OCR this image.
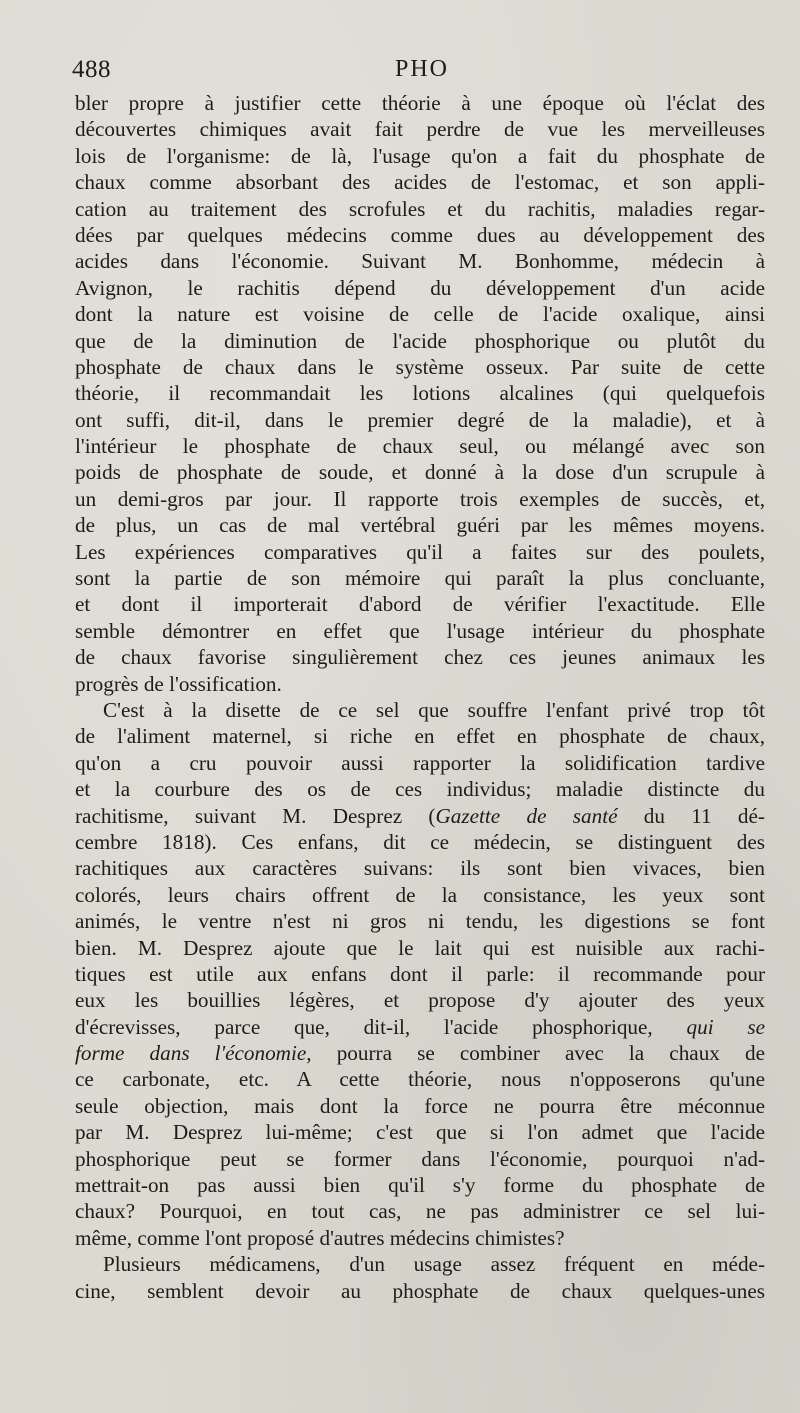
488	PHO
bler propre à justifier cette théorie à une époque où l'éclat des
découvertes chimiques avait fait perdre de vue les merveilleuses
lois de l'organisme: de là, l'usage qu'on a fait du phosphate de
chaux comme absorbant des acides de l'estomac, et son appli-
cation au traitement des scrofules et du rachitis, maladies regar-
dées par quelques médecins comme dues au développement des
acides dans l'économie. Suivant M. Bonhomme, médecin à
Avignon, le rachitis dépend du développement d'un acide
dont la nature est voisine de celle de l'acide oxalique, ainsi
que de la diminution de l'acide phosphorique ou plutôt du
phosphate de chaux dans le système osseux. Par suite de cette
théorie, il recommandait les lotions alcalines (qui quelquefois
ont suffi, dit-il, dans le premier degré de la maladie), et à
l'intérieur le phosphate de chaux seul, ou mélangé avec son
poids de phosphate de soude, et donné à la dose d'un scrupule à
un demi-gros par jour. Il rapporte trois exemples de succès, et,
de plus, un cas de mal vertébral guéri par les mêmes moyens.
Les expériences comparatives qu'il a faites sur des poulets,
sont la partie de son mémoire qui paraît la plus concluante,
et dont il importerait d'abord de vérifier l'exactitude. Elle
semble démontrer en effet que l'usage intérieur du phosphate
de chaux favorise singulièrement chez ces jeunes animaux les
progrès de l'ossification.
C'est à la disette de ce sel que souffre l'enfant privé trop tôt
de l'aliment maternel, si riche en effet en phosphate de chaux,
qu'on a cru pouvoir aussi rapporter la solidification tardive
et la courbure des os de ces individus; maladie distincte du
rachitisme, suivant M. Desprez (Gazette de santé du 11 dé-
cembre 1818). Ces enfans, dit ce médecin, se distinguent des
rachitiques aux caractères suivans: ils sont bien vivaces, bien
colorés, leurs chairs offrent de la consistance, les yeux sont
animés, le ventre n'est ni gros ni tendu, les digestions se font
bien. M. Desprez ajoute que le lait qui est nuisible aux rachi-
tiques est utile aux enfans dont il parle: il recommande pour
eux les bouillies légères, et propose d'y ajouter des yeux
d'écrevisses, parce que, dit-il, l'acide phosphorique, qui se
forme dans l'économie, pourra se combiner avec la chaux de
ce carbonate, etc. A cette théorie, nous n'opposerons qu'une
seule objection, mais dont la force ne pourra être méconnue
par M. Desprez lui-même; c'est que si l'on admet que l'acide
phosphorique peut se former dans l'économie, pourquoi n'ad-
mettrait-on pas aussi bien qu'il s'y forme du phosphate de
chaux? Pourquoi, en tout cas, ne pas administrer ce sel lui-
même, comme l'ont proposé d'autres médecins chimistes?
Plusieurs médicamens, d'un usage assez fréquent en méde-
cine, semblent devoir au phosphate de chaux quelques-unes
